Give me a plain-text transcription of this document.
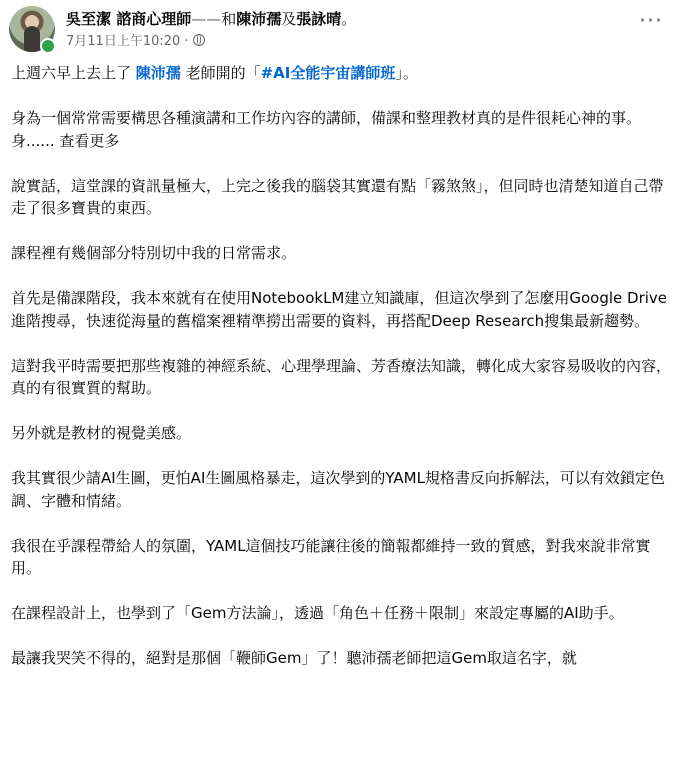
吳至潔 諮商心理師——和陳沛孺及張詠晴。
7月11日上午10:20 ·
···

上週六早上去上了 陳沛孺 老師開的「#AI全能宇宙講師班」。

身為一個常常需要構思各種演講和工作坊內容的講師，備課和整理教材真的是件很耗心神的事。　身...... 查看更多

說實話，這堂課的資訊量極大，上完之後我的腦袋其實還有點「霧煞煞」，但同時也清楚知道自己帶走了很多寶貴的東西。

課程裡有幾個部分特別切中我的日常需求。

首先是備課階段，我本來就有在使用NotebookLM建立知識庫，但這次學到了怎麼用Google Drive進階搜尋，快速從海量的舊檔案裡精準撈出需要的資料，再搭配Deep Research搜集最新趨勢。

這對我平時需要把那些複雜的神經系統、心理學理論、芳香療法知識，轉化成大家容易吸收的內容，真的有很實質的幫助。

另外就是教材的視覺美感。

我其實很少請AI生圖，更怕AI生圖風格暴走，這次學到的YAML規格書反向拆解法，可以有效鎖定色調、字體和情緒。

我很在乎課程帶給人的氛圍，YAML這個技巧能讓往後的簡報都維持一致的質感，對我來說非常實用。

在課程設計上，也學到了「Gem方法論」，透過「角色＋任務＋限制」來設定專屬的AI助手。

最讓我哭笑不得的，絕對是那個「鞭師Gem」了！聽沛孺老師把這Gem取這名字，就
